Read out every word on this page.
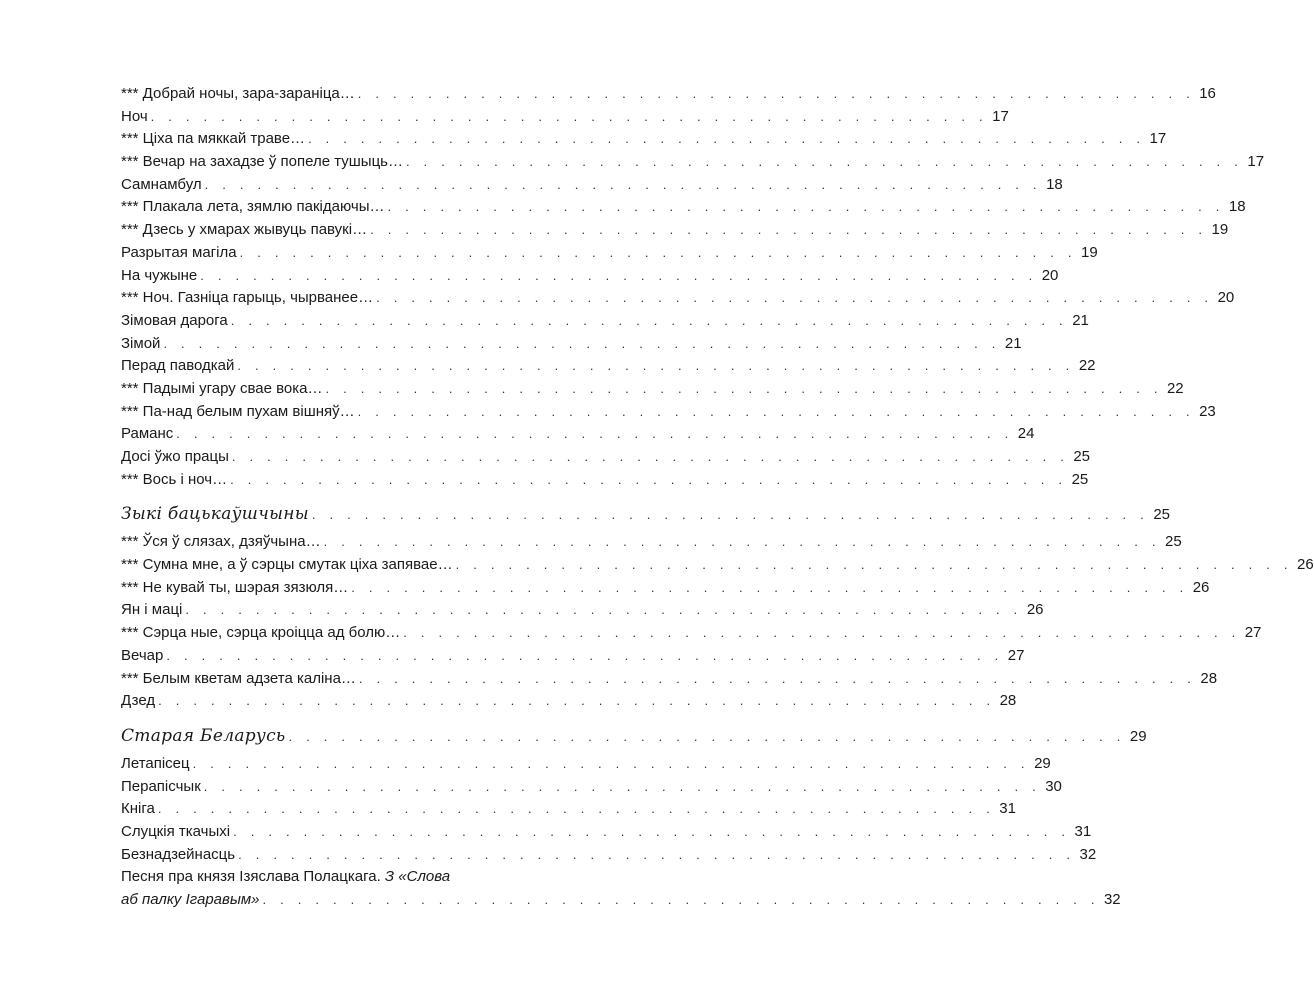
*** Добрай ночы, зара-зараніца… . . . . . . . . . . . . . . . . . . . . . . . . . . . . . . . . . . . . . . . . . . . . . . . . 16
Ноч . . . . . . . . . . . . . . . . . . . . . . . . . . . . . . . . . . . . . . . . . . . . . . . . 17
*** Ціха па мяккай траве… . . . . . . . . . . . . . . . . . . . . . . . . . . . . . . . . . . . . . . . . . . . . . . . . 17
*** Вечар на захадзе ў попеле тушыць… . . . . . . . . . . . . . . . . . . . . . . . . . . . . . . . . . . . . . . . . . . . . . . . . 17
Самнамбул . . . . . . . . . . . . . . . . . . . . . . . . . . . . . . . . . . . . . . . . . . . . . . . . 18
*** Плакала лета, зямлю пакідаючы… . . . . . . . . . . . . . . . . . . . . . . . . . . . . . . . . . . . . . . . . . . . . . . . . 18
*** Дзесь у хмарах жывуць павукі… . . . . . . . . . . . . . . . . . . . . . . . . . . . . . . . . . . . . . . . . . . . . . . . . 19
Разрытая магіла . . . . . . . . . . . . . . . . . . . . . . . . . . . . . . . . . . . . . . . . . . . . . . . . 19
На чужыне . . . . . . . . . . . . . . . . . . . . . . . . . . . . . . . . . . . . . . . . . . . . . . . . 20
*** Ноч. Газніца гарыць, чырванее… . . . . . . . . . . . . . . . . . . . . . . . . . . . . . . . . . . . . . . . . . . . . . . . . 20
Зімовая дарога . . . . . . . . . . . . . . . . . . . . . . . . . . . . . . . . . . . . . . . . . . . . . . . . 21
Зімой . . . . . . . . . . . . . . . . . . . . . . . . . . . . . . . . . . . . . . . . . . . . . . . . 21
Перад паводкай . . . . . . . . . . . . . . . . . . . . . . . . . . . . . . . . . . . . . . . . . . . . . . . . 22
*** Падымі угару свае вока… . . . . . . . . . . . . . . . . . . . . . . . . . . . . . . . . . . . . . . . . . . . . . . . . 22
*** Па-над белым пухам вішняў… . . . . . . . . . . . . . . . . . . . . . . . . . . . . . . . . . . . . . . . . . . . . . . . . 23
Раманс . . . . . . . . . . . . . . . . . . . . . . . . . . . . . . . . . . . . . . . . . . . . . . . . 24
Досі ўжо працы . . . . . . . . . . . . . . . . . . . . . . . . . . . . . . . . . . . . . . . . . . . . . . . . 25
*** Вось і ноч… . . . . . . . . . . . . . . . . . . . . . . . . . . . . . . . . . . . . . . . . . . . . . . . . 25
Зыкі бацькаўшчыны . . . . . . . . . . . . . . . . . . . . . . . . . . . . . . . . . . . . . . . . . . . . . . . . 25
*** Ўся ў слязах, дзяўчына… . . . . . . . . . . . . . . . . . . . . . . . . . . . . . . . . . . . . . . . . . . . . . . . . 25
*** Сумна мне, а ў сэрцы смутак ціха запявае… . . . . . . . . . . . . . . . . . . . . . . . . . . . . . . . . . . . . . . . . . . . . . . . . 26
*** Не кувай ты, шэрая зязюля… . . . . . . . . . . . . . . . . . . . . . . . . . . . . . . . . . . . . . . . . . . . . . . . . 26
Ян і маці . . . . . . . . . . . . . . . . . . . . . . . . . . . . . . . . . . . . . . . . . . . . . . . . 26
*** Сэрца ные, сэрца кроіцца ад болю… . . . . . . . . . . . . . . . . . . . . . . . . . . . . . . . . . . . . . . . . . . . . . . . . 27
Вечар . . . . . . . . . . . . . . . . . . . . . . . . . . . . . . . . . . . . . . . . . . . . . . . . 27
*** Белым кветам адзета каліна… . . . . . . . . . . . . . . . . . . . . . . . . . . . . . . . . . . . . . . . . . . . . . . . . 28
Дзед . . . . . . . . . . . . . . . . . . . . . . . . . . . . . . . . . . . . . . . . . . . . . . . . 28
Старая Беларусь . . . . . . . . . . . . . . . . . . . . . . . . . . . . . . . . . . . . . . . . . . . . . . . . 29
Летапісец . . . . . . . . . . . . . . . . . . . . . . . . . . . . . . . . . . . . . . . . . . . . . . . . 29
Перапісчык . . . . . . . . . . . . . . . . . . . . . . . . . . . . . . . . . . . . . . . . . . . . . . . . 30
Кніга . . . . . . . . . . . . . . . . . . . . . . . . . . . . . . . . . . . . . . . . . . . . . . . . 31
Слуцкія ткачыхі . . . . . . . . . . . . . . . . . . . . . . . . . . . . . . . . . . . . . . . . . . . . . . . . 31
Безнадзейнасць . . . . . . . . . . . . . . . . . . . . . . . . . . . . . . . . . . . . . . . . . . . . . . . . 32
Песня пра князя Ізяслава Полацкага. З «Слова
аб палку Ігаравым» . . . . . . . . . . . . . . . . . . . . . . . . . . . . . . . . . . . . . . . . . . . . . . . . 32
